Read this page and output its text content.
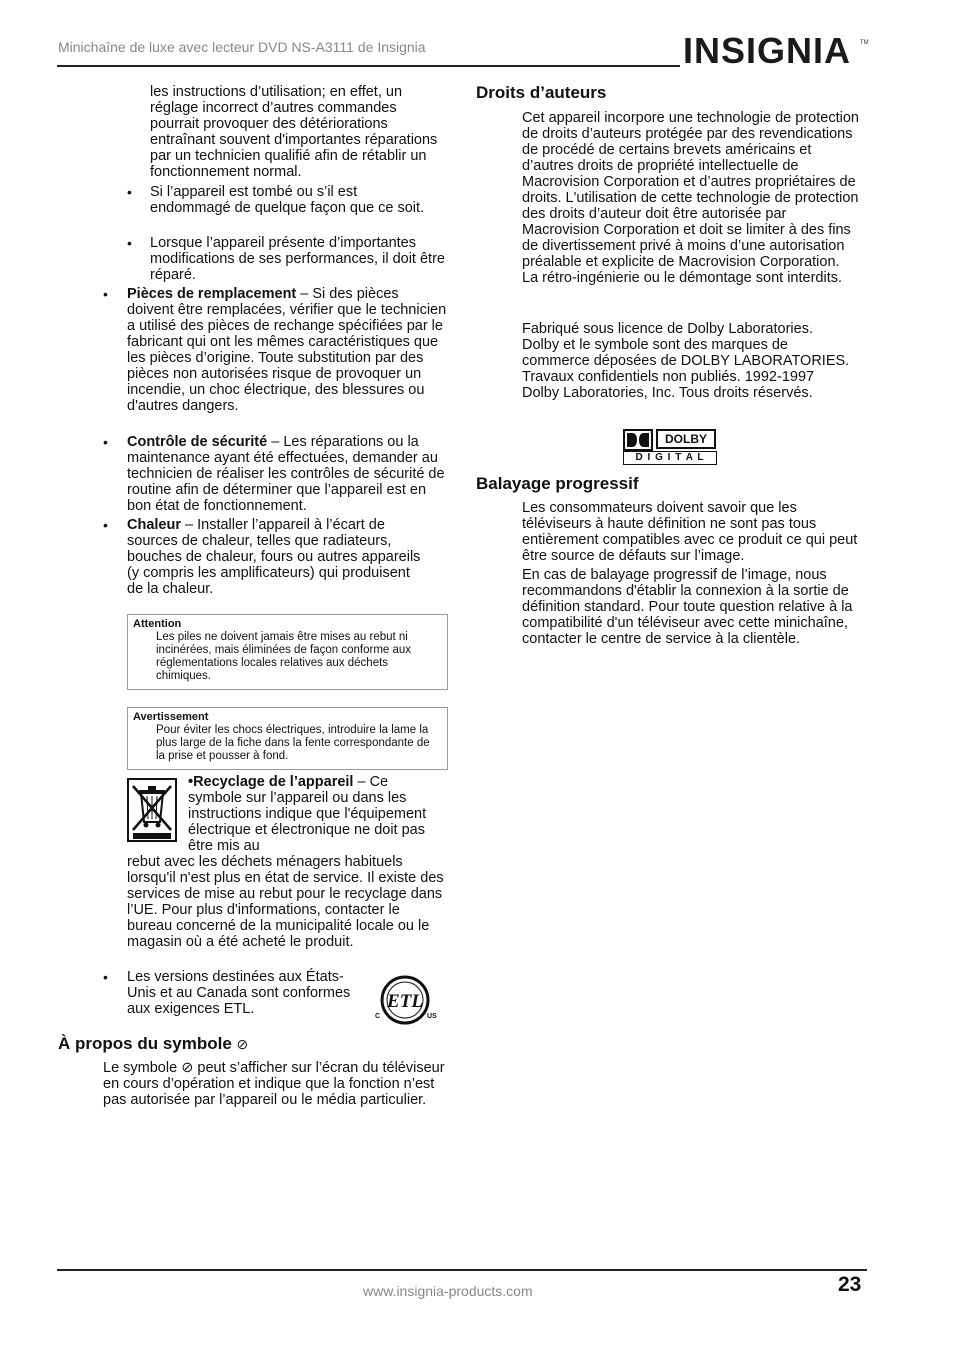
Minichaîne de luxe avec lecteur DVD NS-A3111 de Insignia	INSIGNIA TM
les instructions d’utilisation; en effet, un réglage incorrect d’autres commandes pourrait provoquer des détériorations entraînant souvent d'importantes réparations par un technicien qualifié afin de rétablir un fonctionnement normal.
• Si l’appareil est tombé ou s’il est endommagé de quelque façon que ce soit.
• Lorsque l’appareil présente d’importantes modifications de ses performances, il doit être réparé.
• Pièces de remplacement – Si des pièces doivent être remplacées, vérifier que le technicien a utilisé des pièces de rechange spécifiées par le fabricant qui ont les mêmes caractéristiques que les pièces d’origine. Toute substitution par des pièces non autorisées risque de provoquer un incendie, un choc électrique, des blessures ou d'autres dangers.
• Contrôle de sécurité – Les réparations ou la maintenance ayant été effectuées, demander au technicien de réaliser les contrôles de sécurité de routine afin de déterminer que l’appareil est en bon état de fonctionnement.
• Chaleur – Installer l’appareil à l’écart de sources de chaleur, telles que radiateurs, bouches de chaleur, fours ou autres appareils (y compris les amplificateurs) qui produisent de la chaleur.
Attention
Les piles ne doivent jamais être mises au rebut ni incinérées, mais éliminées de façon conforme aux réglementations locales relatives aux déchets chimiques.
Avertissement
Pour éviter les chocs électriques, introduire la lame la plus large de la fiche dans la fente correspondante de la prise et pousser à fond.
•Recyclage de l’appareil – Ce symbole sur l’appareil ou dans les instructions indique que l'équipement électrique et électronique ne doit pas être mis au
rebut avec les déchets ménagers habituels lorsqu'il n'est plus en état de service. Il existe des services de mise au rebut pour le recyclage dans l’UE. Pour plus d'informations, contacter le bureau concerné de la municipalité locale ou le magasin où a été acheté le produit.
• Les versions destinées aux États-Unis et au Canada sont conformes aux exigences ETL.	ETL
C	US
À propos du symbole ⊘
Le symbole ⊘ peut s’afficher sur l’écran du téléviseur en cours d’opération et indique que la fonction n’est pas autorisée par l’appareil ou le média particulier.
Droits d’auteurs
Cet appareil incorpore une technologie de protection de droits d’auteurs protégée par des revendications de procédé de certains brevets américains et d’autres droits de propriété intellectuelle de Macrovision Corporation et d’autres propriétaires de droits. L'utilisation de cette technologie de protection des droits d’auteur doit être autorisée par Macrovision Corporation et doit se limiter à des fins de divertissement privé à moins d’une autorisation préalable et explicite de Macrovision Corporation. La rétro-ingénierie ou le démontage sont interdits.
Fabriqué sous licence de Dolby Laboratories. Dolby et le symbole sont des marques de commerce déposées de DOLBY LABORATORIES. Travaux confidentiels non publiés. 1992-1997 Dolby Laboratories, Inc. Tous droits réservés.
DOLBY
D I G I T A L
Balayage progressif
Les consommateurs doivent savoir que les téléviseurs à haute définition ne sont pas tous entièrement compatibles avec ce produit ce qui peut être source de défauts sur l’image.
En cas de balayage progressif de l’image, nous recommandons d'établir la connexion à la sortie de définition standard. Pour toute question relative à la compatibilité d'un téléviseur avec cette minichaîne, contacter le centre de service à la clientèle.
www.insignia-products.com	23
